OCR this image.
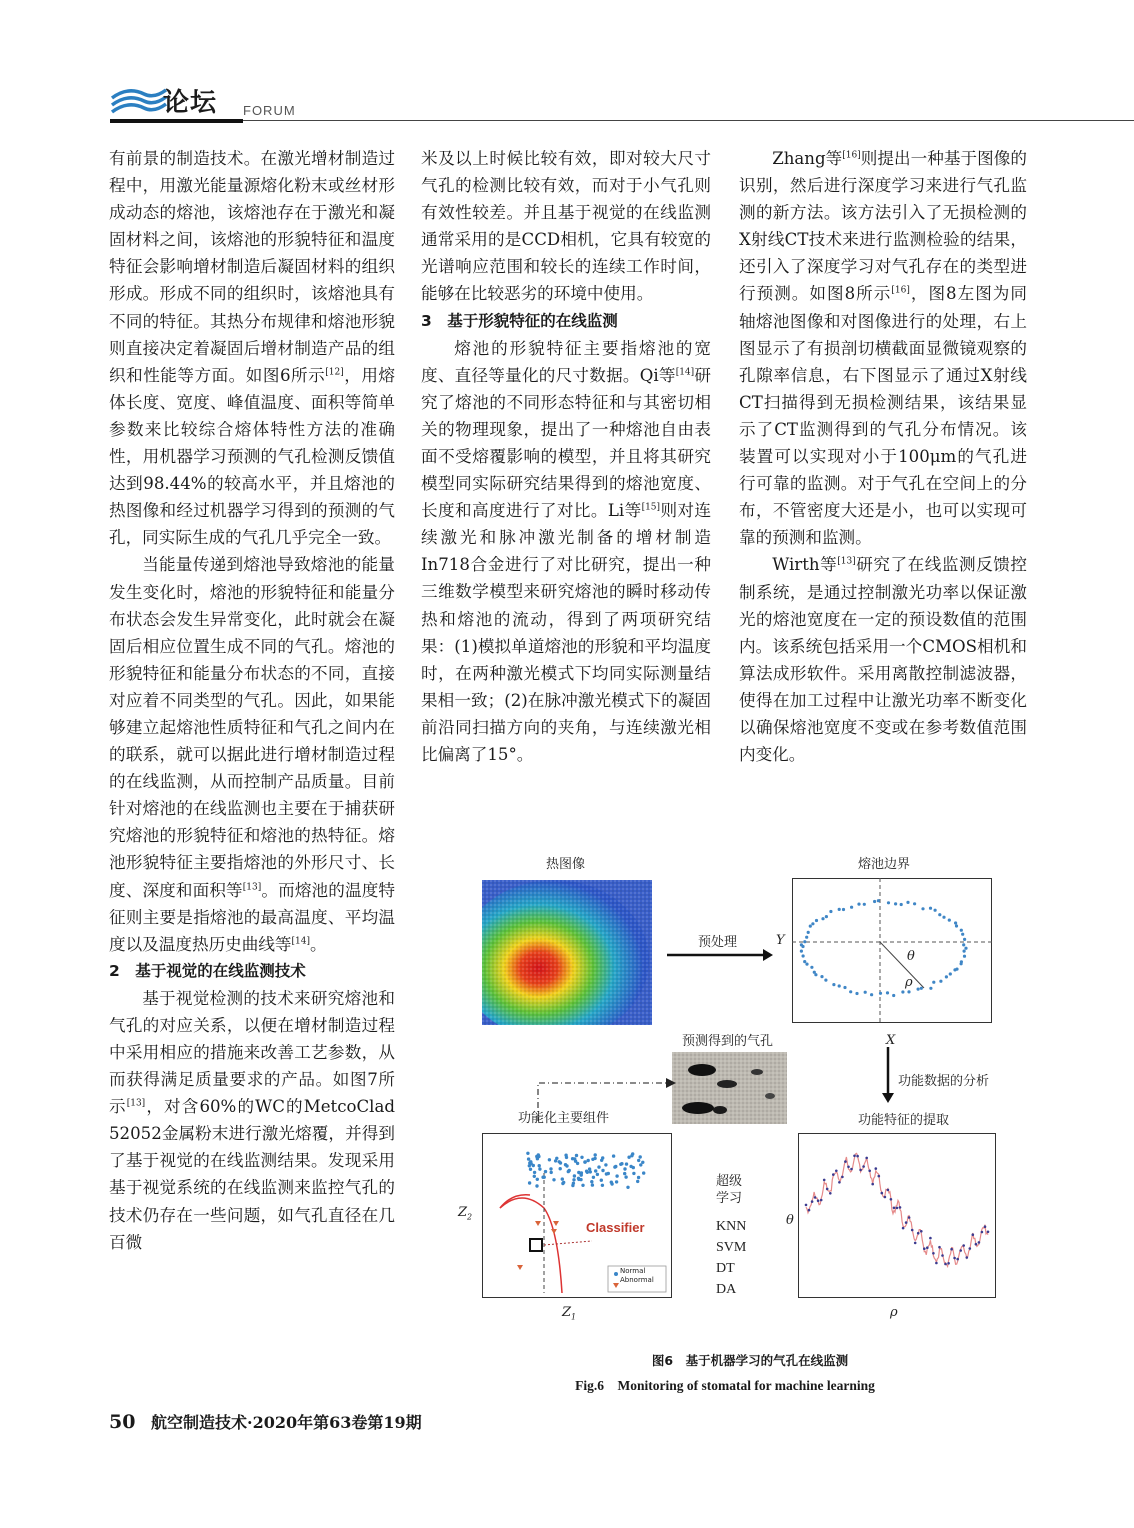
论坛 FORUM

有前景的制造技术。在激光增材制造过程中，用激光能量源熔化粉末或丝材形成动态的熔池，该熔池存在于激光和凝固材料之间，该熔池的形貌特征和温度特征会影响增材制造后凝固材料的组织形成。形成不同的组织时，该熔池具有不同的特征。其热分布规律和熔池形貌则直接决定着凝固后增材制造产品的组织和性能等方面。如图6所示[12]，用熔体长度、宽度、峰值温度、面积等简单参数来比较综合熔体特性方法的准确性，用机器学习预测的气孔检测反馈值达到98.44%的较高水平，并且熔池的热图像和经过机器学习得到的预测的气孔，同实际生成的气孔几乎完全一致。

当能量传递到熔池导致熔池的能量发生变化时，熔池的形貌特征和能量分布状态会发生异常变化，此时就会在凝固后相应位置生成不同的气孔。熔池的形貌特征和能量分布状态的不同，直接对应着不同类型的气孔。因此，如果能够建立起熔池性质特征和气孔之间内在的联系，就可以据此进行增材制造过程的在线监测，从而控制产品质量。目前针对熔池的在线监测也主要在于捕获研究熔池的形貌特征和熔池的热特征。熔池形貌特征主要指熔池的外形尺寸、长度、深度和面积等[13]。而熔池的温度特征则主要是指熔池的最高温度、平均温度以及温度热历史曲线等[14]。

2　基于视觉的在线监测技术

基于视觉检测的技术来研究熔池和气孔的对应关系，以便在增材制造过程中采用相应的措施来改善工艺参数，从而获得满足质量要求的产品。如图7所示[13]，对含60%的WC的MetcoClad 52052金属粉末进行激光熔覆，并得到了基于视觉的在线监测结果。发现采用基于视觉系统的在线监测来监控气孔的技术仍存在一些问题，如气孔直径在几百微

米及以上时候比较有效，即对较大尺寸气孔的检测比较有效，而对于小气孔则有效性较差。并且基于视觉的在线监测通常采用的是CCD相机，它具有较宽的光谱响应范围和较长的连续工作时间，能够在比较恶劣的环境中使用。

3　基于形貌特征的在线监测

熔池的形貌特征主要指熔池的宽度、直径等量化的尺寸数据。Qi等[14]研究了熔池的不同形态特征和与其密切相关的物理现象，提出了一种熔池自由表面不受熔覆影响的模型，并且将其研究模型同实际研究结果得到的熔池宽度、长度和高度进行了对比。Li等[15]则对连续激光和脉冲激光制备的增材制造In718合金进行了对比研究，提出一种三维数学模型来研究熔池的瞬时移动传热和熔池的流动，得到了两项研究结果：(1)模拟单道熔池的形貌和平均温度时，在两种激光模式下均同实际测量结果相一致；(2)在脉冲激光模式下的凝固前沿同扫描方向的夹角，与连续激光相比偏离了15°。

Zhang等[16]则提出一种基于图像的识别，然后进行深度学习来进行气孔监测的新方法。该方法引入了无损检测的X射线CT技术来进行监测检验的结果，还引入了深度学习对气孔存在的类型进行预测。如图8所示[16]，图8左图为同轴熔池图像和对图像进行的处理，右上图显示了有损剖切横截面显微镜观察的孔隙率信息，右下图显示了通过X射线CT扫描得到无损检测结果，该结果显示了CT监测得到的气孔分布情况。该装置可以实现对小于100μm的气孔进行可靠的监测。对于气孔在空间上的分布，不管密度大还是小，也可以实现可靠的预测和监测。

Wirth等[13]研究了在线监测反馈控制系统，是通过控制激光功率以保证激光的熔池宽度在一定的预设数值的范围内。该系统包括采用一个CMOS相机和算法成形软件。采用离散控制滤波器，使得在加工过程中让激光功率不断变化以确保熔池宽度不变或在参考数值范围内变化。

热图像	熔池边界
预处理	Y
X
θ
ρ
预测得到的气孔
功能数据的分析
功能化主要组件	功能特征的提取
Classifier
Normal
Abnormal
$Z_2$
$Z_1$
超级
学习
KNN
SVM
DT
DA
θ
ρ
图6　基于机器学习的气孔在线监测
Fig.6　Monitoring of stomatal for machine learning
50 航空制造技术·2020年第63卷第19期
